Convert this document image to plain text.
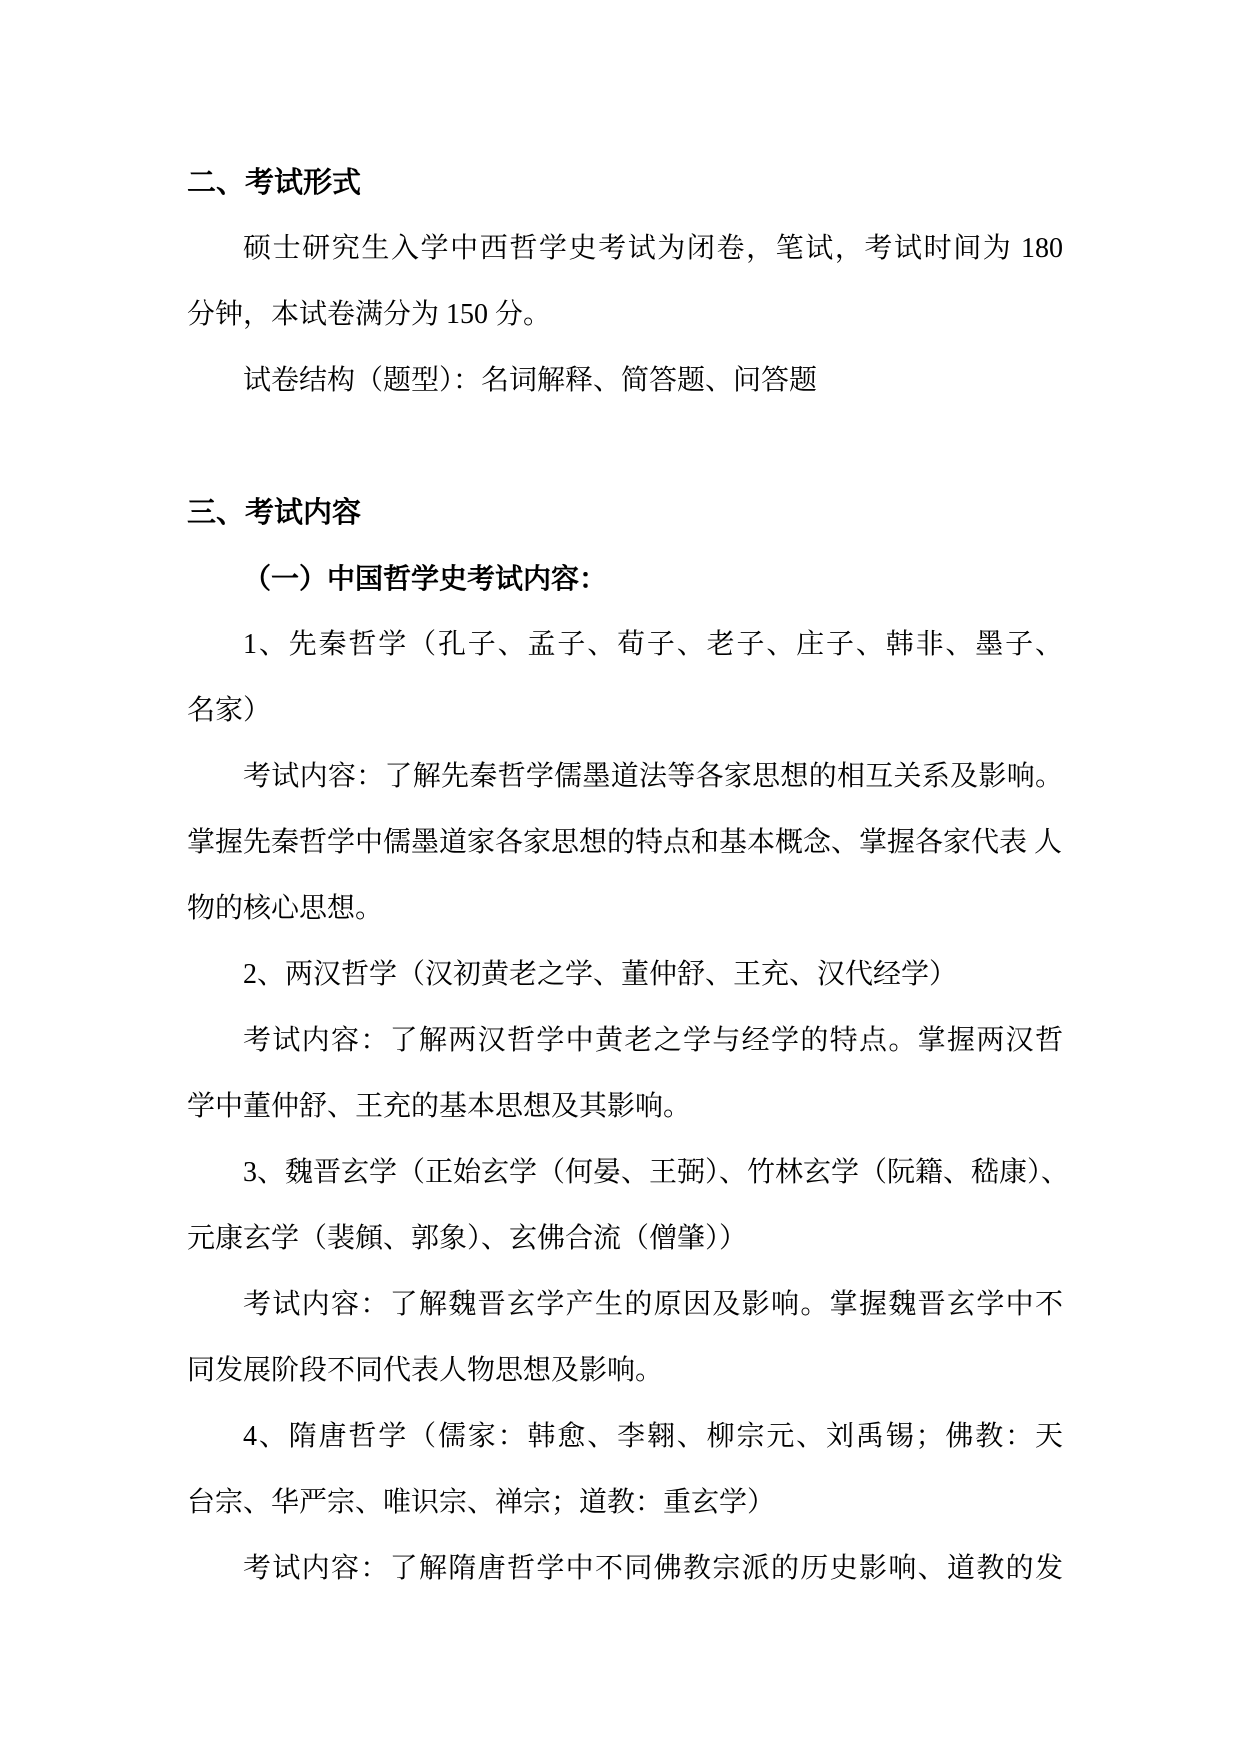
二、考试形式
硕士研究生入学中西哲学史考试为闭卷，笔试，考试时间为 180
分钟，本试卷满分为 150 分。
试卷结构（题型）：名词解释、简答题、问答题
三、考试内容
（一）中国哲学史考试内容：
1、先秦哲学（孔子、孟子、荀子、老子、庄子、韩非、墨子、
名家）
考试内容：了解先秦哲学儒墨道法等各家思想的相互关系及影响。
掌握先秦哲学中儒墨道家各家思想的特点和基本概念、掌握各家代表 人
物的核心思想。
2、两汉哲学（汉初黄老之学、董仲舒、王充、汉代经学）
考试内容：了解两汉哲学中黄老之学与经学的特点。掌握两汉哲
学中董仲舒、王充的基本思想及其影响。
3、魏晋玄学（正始玄学（何晏、王弼）、竹林玄学（阮籍、嵇康）、
元康玄学（裴頠、郭象）、玄佛合流（僧肇））
考试内容：了解魏晋玄学产生的原因及影响。掌握魏晋玄学中不
同发展阶段不同代表人物思想及影响。
4、隋唐哲学（儒家：韩愈、李翱、柳宗元、刘禹锡；佛教：天
台宗、华严宗、唯识宗、禅宗；道教：重玄学）
考试内容：了解隋唐哲学中不同佛教宗派的历史影响、道教的发
